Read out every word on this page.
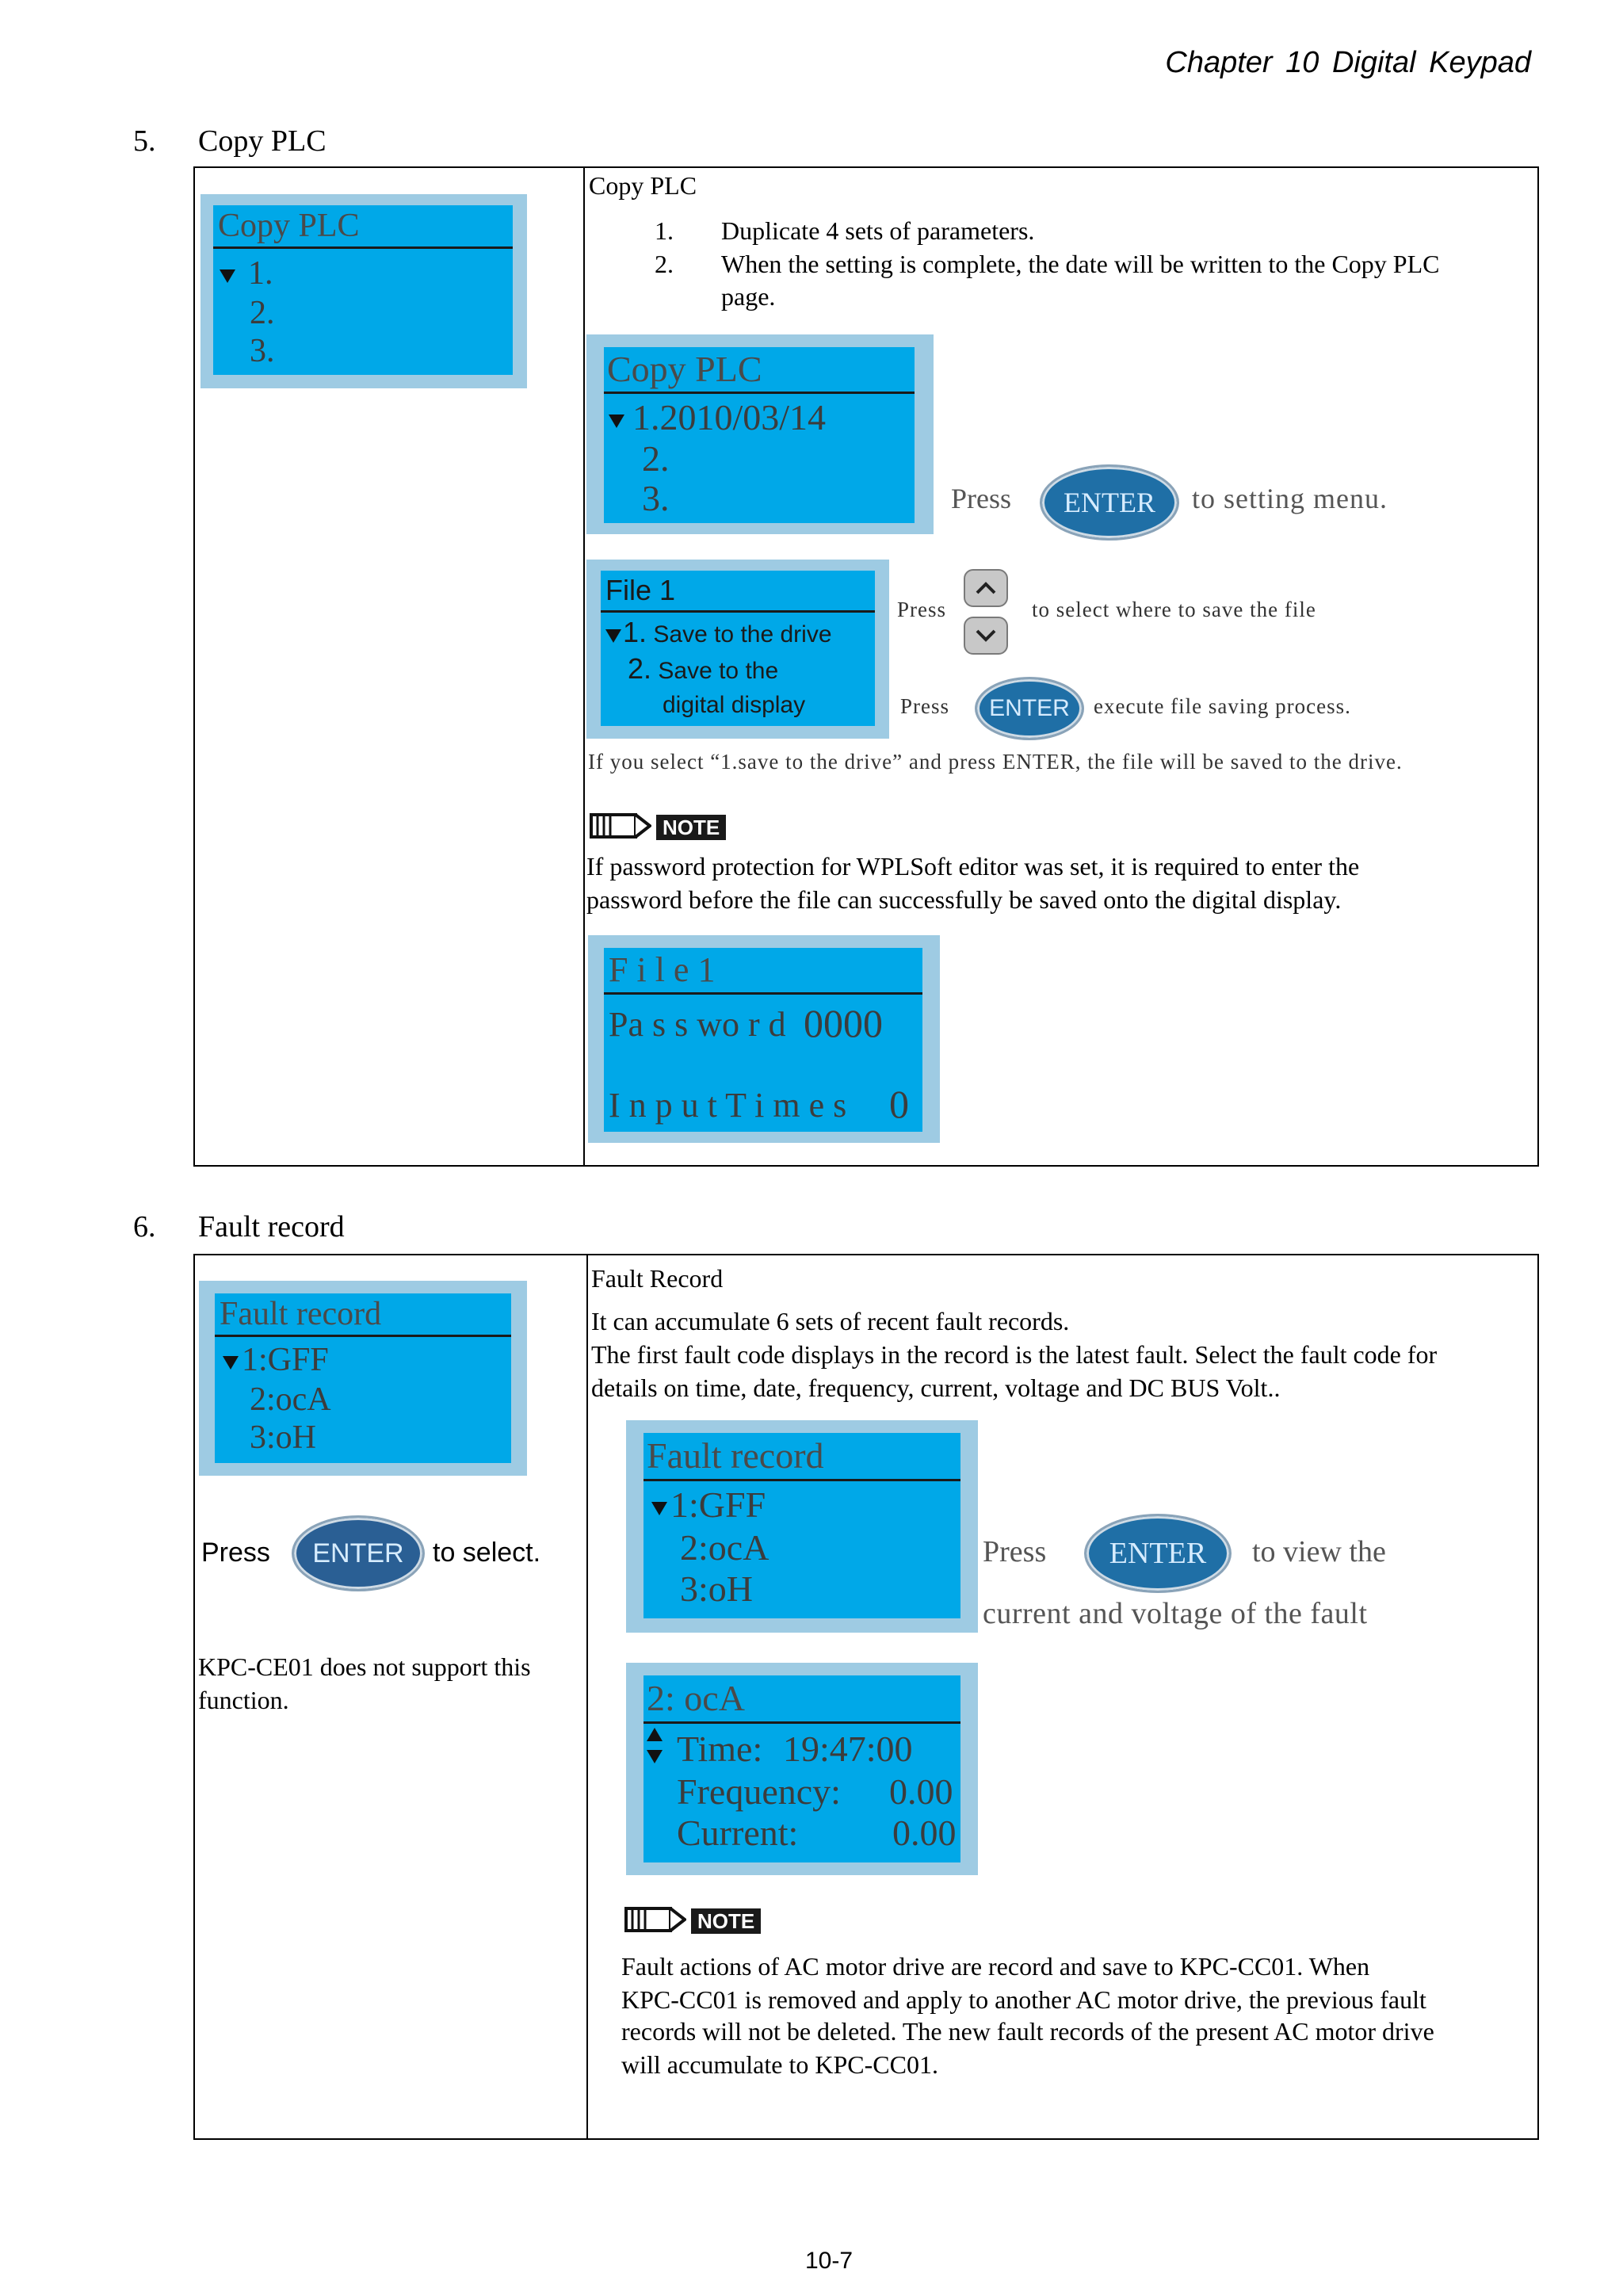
Chapter 10 Digital Keypad
5. Copy PLC
Copy PLC
1.
2.
3.
Copy PLC
1. Duplicate 4 sets of parameters.
2. When the setting is complete, the date will be written to the Copy PLC
page.
Copy PLC
1.2010/03/14
2.
3.	Press	ENTER	to setting menu.
File 1
1. Save to the drive
2. Save to the
digital display
Press	to select where to save the file
Press	ENTER	execute file saving process.
If you select “1.save to the drive” and press ENTER, the file will be saved to the drive.
NOTE
If password protection for WPLSoft editor was set, it is required to enter the
password before the file can successfully be saved onto the digital display.
F i l e 1
Pa s s wo r d 0000
I n p u t T i m e s 0
6. Fault record
Fault record
1:GFF
2:ocA
3:oH
Press	ENTER	to select.
KPC-CE01 does not support this
function.
Fault Record
It can accumulate 6 sets of recent fault records.
The first fault code displays in the record is the latest fault. Select the fault code for
details on time, date, frequency, current, voltage and DC BUS Volt..
Fault record
1:GFF
2:ocA
3:oH
Press	ENTER	to view the
current and voltage of the fault
2: ocA
Time: 19:47:00
Frequency: 0.00
Current:	0.00
NOTE
Fault actions of AC motor drive are record and save to KPC-CC01. When
KPC-CC01 is removed and apply to another AC motor drive, the previous fault
records will not be deleted. The new fault records of the present AC motor drive
will accumulate to KPC-CC01.
10-7
